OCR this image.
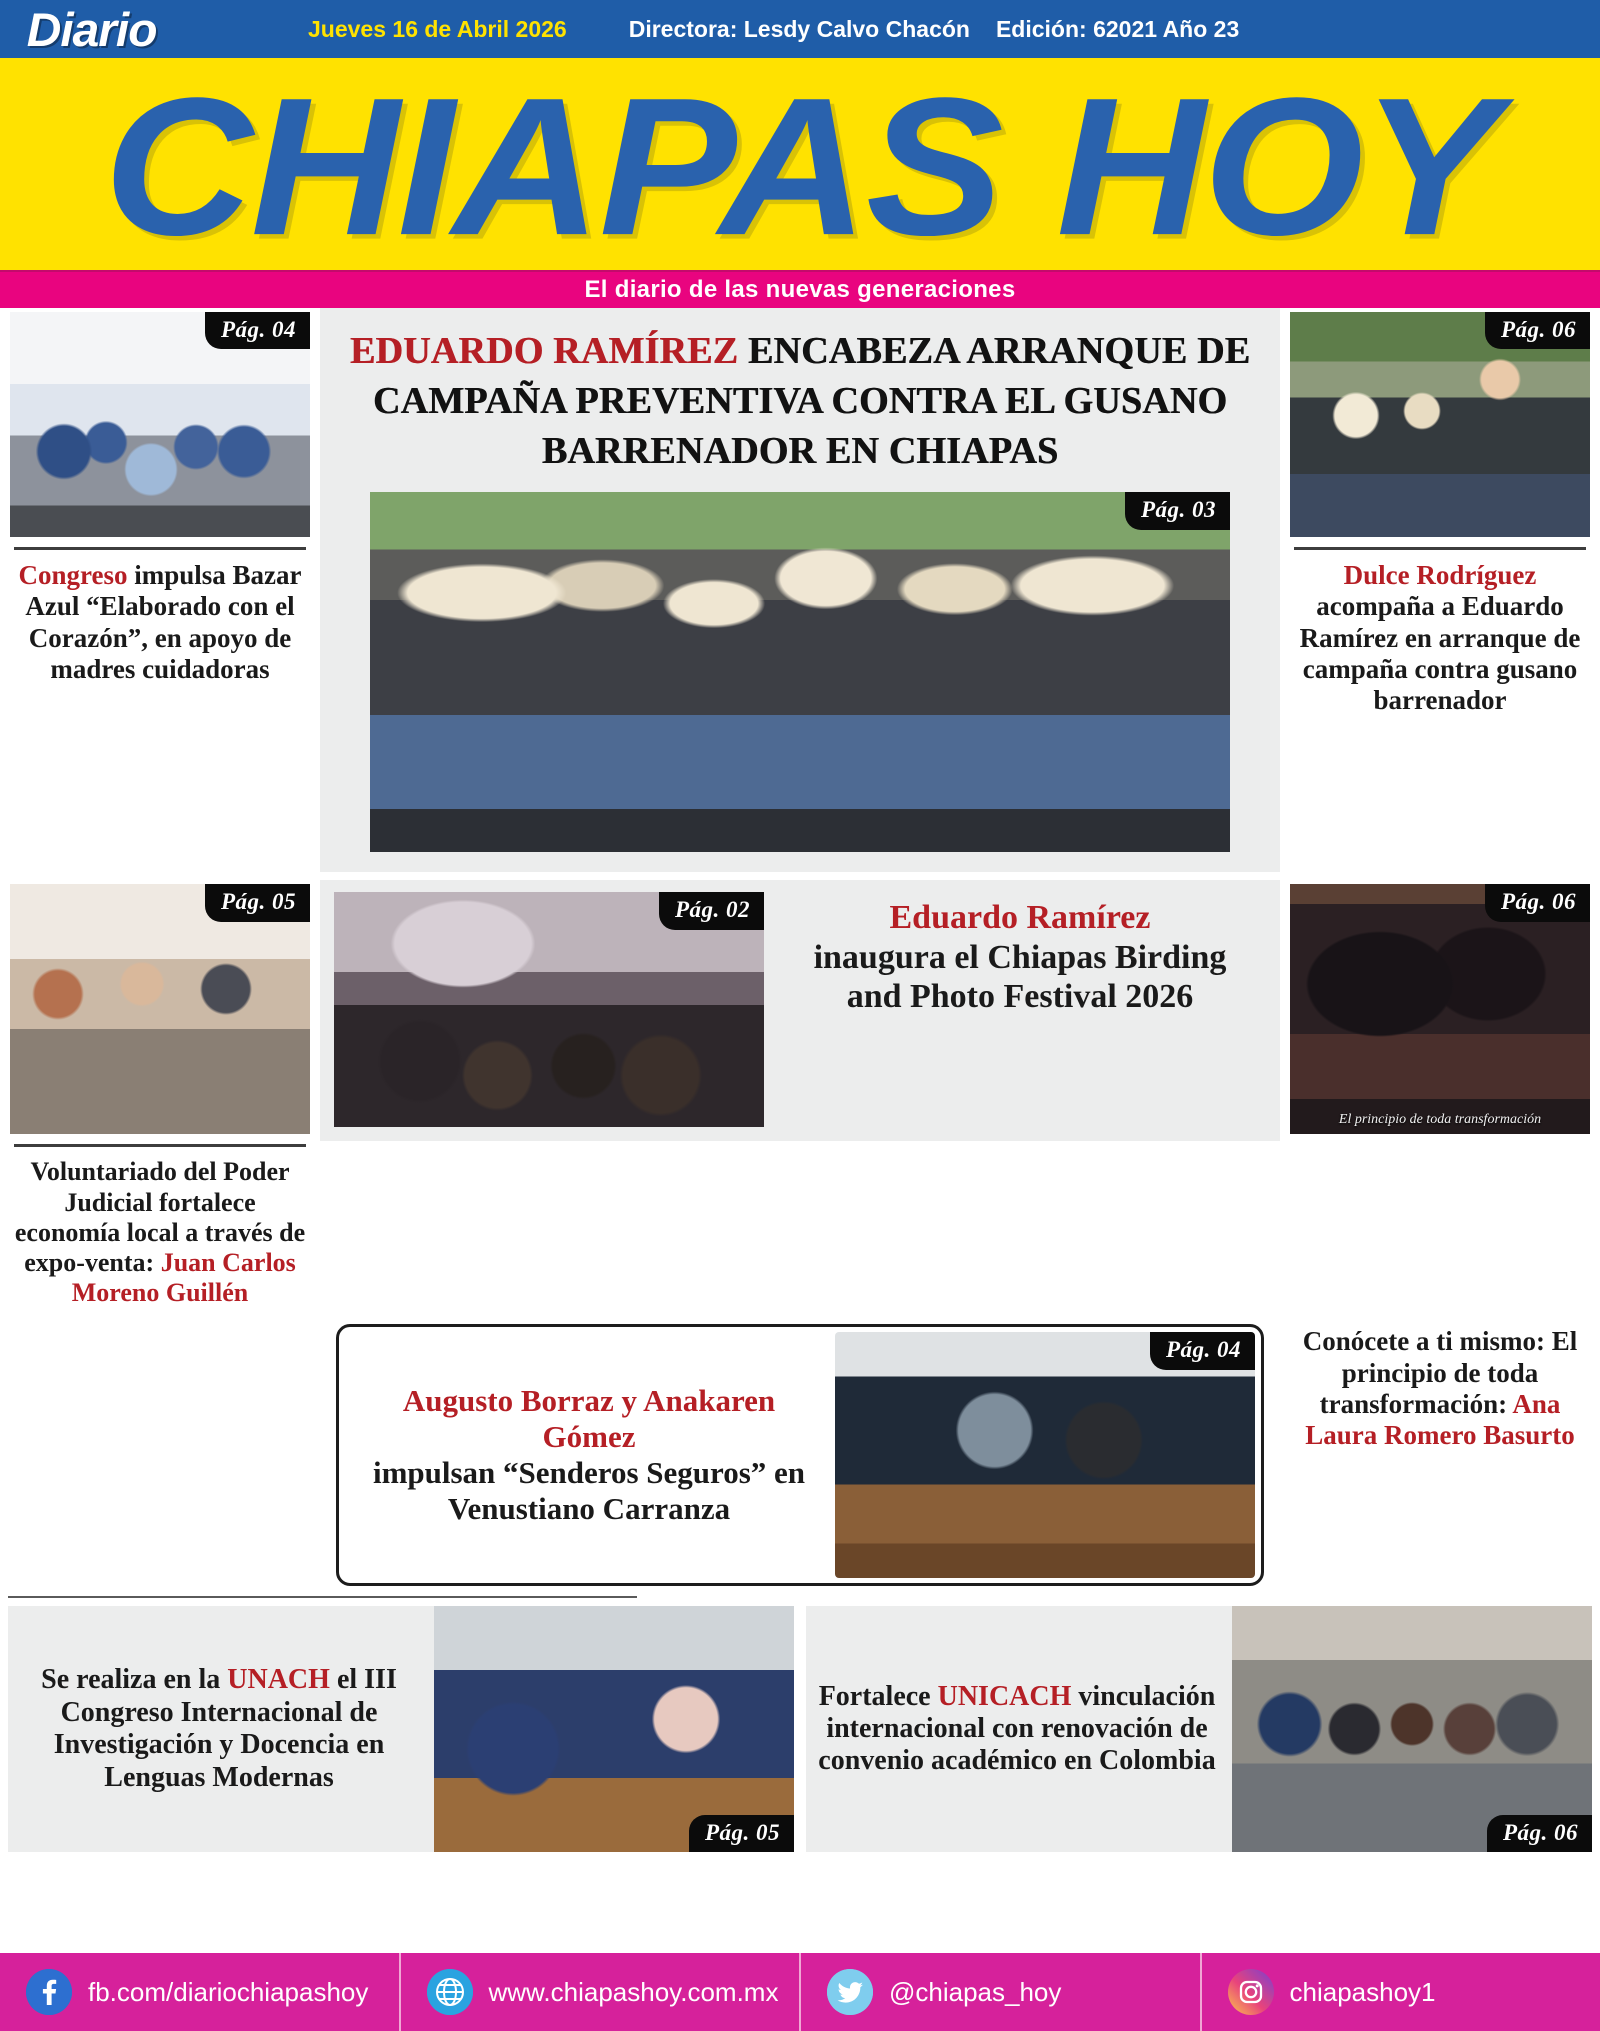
Diario	Jueves 16 de Abril 2026	Directora: Lesdy Calvo Chacón Edición: 62021 Año 23
CHIAPAS HOY
El diario de las nuevas generaciones
Pág. 04
Congreso impulsa Bazar Azul “Elaborado con el Corazón”, en apoyo de madres cuidadoras
EDUARDO RAMÍREZ ENCABEZA ARRANQUE DE CAMPAÑA PREVENTIVA CONTRA EL GUSANO BARRENADOR EN CHIAPAS
Pág. 03
Pág. 06
Dulce Rodríguez acompaña a Eduardo Ramírez en arranque de campaña contra gusano barrenador
Pág. 05
Voluntariado del Poder Judicial fortalece economía local a través de expo-venta: Juan Carlos Moreno Guillén
Pág. 02	Eduardo Ramírez
inaugura el Chiapas Birding and Photo Festival 2026
Pág. 06
El principio de toda transformación
Augusto Borraz y Anakaren Gómez
impulsan “Senderos Seguros” en Venustiano Carranza
Pág. 04	Conócete a ti mismo: El principio de toda transformación: Ana Laura Romero Basurto
Se realiza en la UNACH el III Congreso Internacional de Investigación y Docencia en Lenguas Modernas
Pág. 05
Fortalece UNICACH vinculación internacional con renovación de convenio académico en Colombia
Pág. 06
fb.com/diariochiapashoy	www.chiapashoy.com.mx	@chiapas_hoy	chiapashoy1
